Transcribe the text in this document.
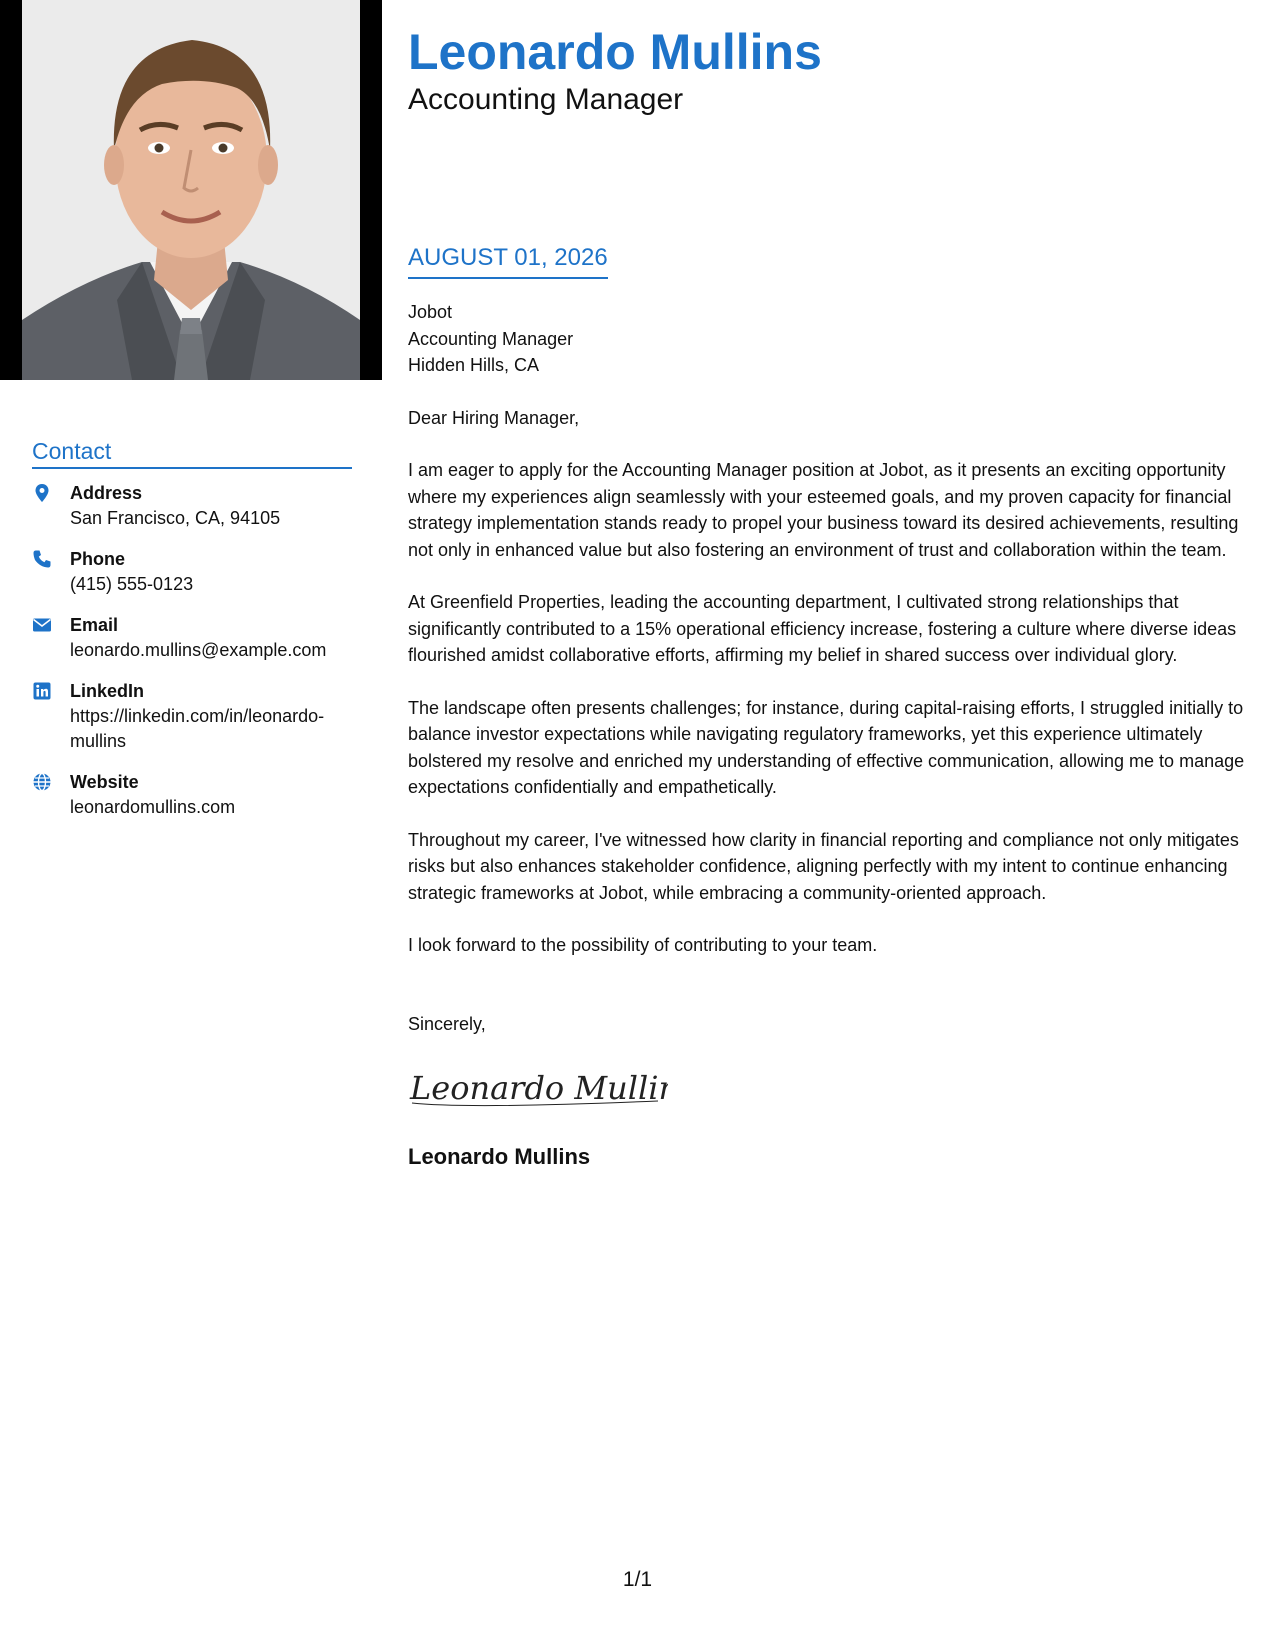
Contact
Address
San Francisco, CA, 94105
Phone
(415) 555-0123
Email
leonardo.mullins@example.com
LinkedIn
https://linkedin.com/in/leonardo-
mullins
Website
leonardomullins.com
Leonardo Mullins
Accounting Manager
AUGUST 01, 2026
Jobot
Accounting Manager
Hidden Hills, CA

Dear Hiring Manager,

I am eager to apply for the Accounting Manager position at Jobot, as it presents an exciting opportunity where my experiences align seamlessly with your esteemed goals, and my proven capacity for financial strategy implementation stands ready to propel your business toward its desired achievements, resulting not only in enhanced value but also fostering an environment of trust and collaboration within the team.

At Greenfield Properties, leading the accounting department, I cultivated strong relationships that significantly contributed to a 15% operational efficiency increase, fostering a culture where diverse ideas flourished amidst collaborative efforts, affirming my belief in shared success over individual glory.

The landscape often presents challenges; for instance, during capital-raising efforts, I struggled initially to balance investor expectations while navigating regulatory frameworks, yet this experience ultimately bolstered my resolve and enriched my understanding of effective communication, allowing me to manage expectations confidentially and empathetically.

Throughout my career, I've witnessed how clarity in financial reporting and compliance not only mitigates risks but also enhances stakeholder confidence, aligning perfectly with my intent to continue enhancing strategic frameworks at Jobot, while embracing a community-oriented approach.

I look forward to the possibility of contributing to your team.

Sincerely,
Leonardo Mullins
Leonardo Mullins
1/1
